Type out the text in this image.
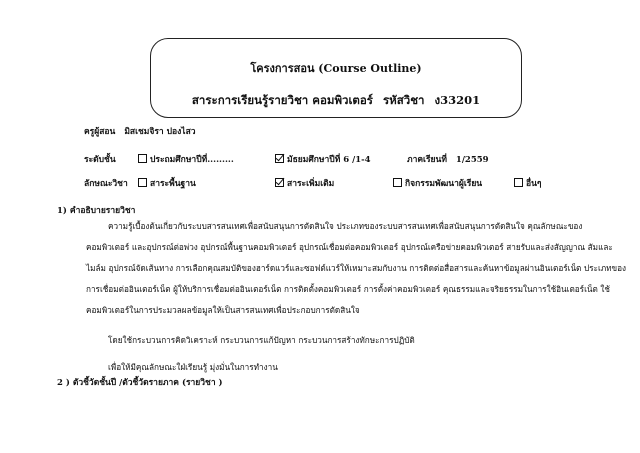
โครงการสอน (Course Outline)
สาระการเรียนรู้รายวิชา คอมพิวเตอร์ รหัสวิชา ง33201
ครูผู้สอน มิสเชมจิรา ปองไสว
ระดับชั้น	ประถมศึกษาปีที่.........	มัธยมศึกษาปีที่ 6 /1-4	ภาคเรียนที่ 1/2559
ลักษณะวิชา	สาระพื้นฐาน	สาระเพิ่มเติม	กิจกรรมพัฒนาผู้เรียน	อื่นๆ
1) คำอธิบายรายวิชา
ความรู้เบื้องต้นเกี่ยวกับระบบสารสนเทศเพื่อสนับสนุนการตัดสินใจ ประเภทของระบบสารสนเทศเพื่อสนับสนุนการตัดสินใจ คุณลักษณะของ
คอมพิวเตอร์ และอุปกรณ์ต่อพ่วง อุปกรณ์พื้นฐานคอมพิวเตอร์ อุปกรณ์เชื่อมต่อคอมพิวเตอร์ อุปกรณ์เครือข่ายคอมพิวเตอร์ สายรับและส่งสัญญาณ สัมและ
ไมล์ม อุปกรณ์จัดเส้นทาง การเลือกคุณสมบัติของฮาร์ดแวร์และซอฟต์แวร์ให้เหมาะสมกับงาน การติดต่อสื่อสารและค้นหาข้อมูลผ่านอินเตอร์เน็ต ประเภทของ
การเชื่อมต่ออินเตอร์เน็ต ผู้ให้บริการเชื่อมต่ออินเตอร์เน็ต การติดตั้งคอมพิวเตอร์ การตั้งค่าคอมพิวเตอร์ คุณธรรมและจริยธรรมในการใช้อินเตอร์เน็ต ใช้
คอมพิวเตอร์ในการประมวลผลข้อมูลให้เป็นสารสนเทศเพื่อประกอบการตัดสินใจ
โดยใช้กระบวนการคิดวิเคราะห์ กระบวนการแก้ปัญหา กระบวนการสร้างทักษะการปฏิบัติ
เพื่อให้มีคุณลักษณะใฝ่เรียนรู้ มุ่งมั่นในการทำงาน
2 ) ตัวชี้วัดชั้นปี /ตัวชี้วัดรายภาค (รายวิชา )
